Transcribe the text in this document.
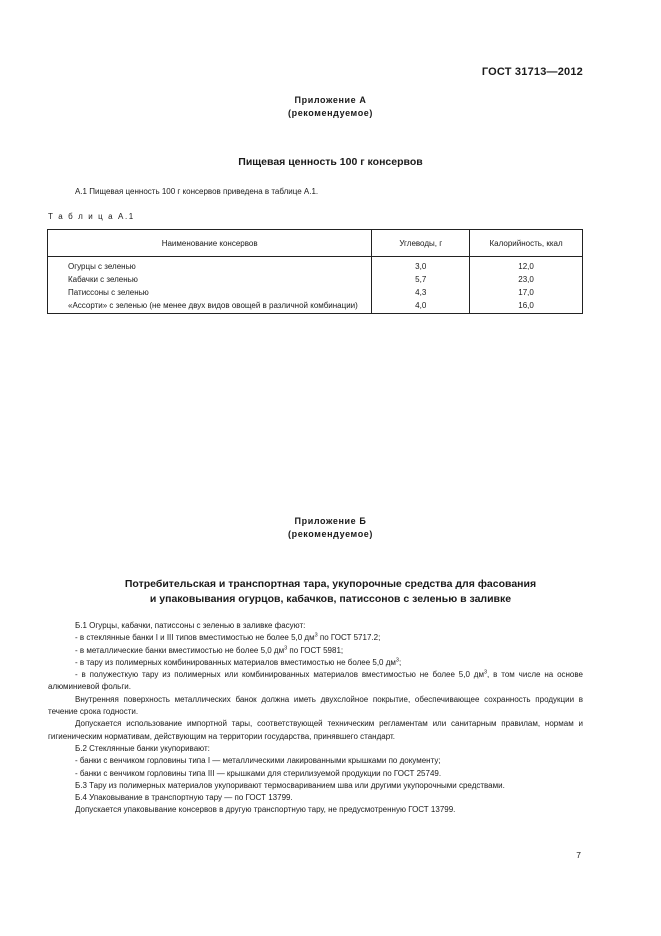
ГОСТ 31713—2012
Приложение А
(рекомендуемое)
Пищевая ценность 100 г консервов
А.1 Пищевая ценность 100 г консервов приведена в таблице А.1.
Т а б л и ц а А.1
Наименование консервов	Углеводы, г	Калорийность, ккал
Огурцы с зеленью	3,0	12,0
Кабачки с зеленью	5,7	23,0
Патиссоны с зеленью	4,3	17,0
«Ассорти» с зеленью (не менее двух видов овощей в различной комбинации)	4,0	16,0
Приложение Б
(рекомендуемое)
Потребительская и транспортная тара, укупорочные средства для фасования
и упаковывания огурцов, кабачков, патиссонов с зеленью в заливке
Б.1 Огурцы, кабачки, патиссоны с зеленью в заливке фасуют:
- в стеклянные банки I и III типов вместимостью не более 5,0 $дм^3$ по ГОСТ 5717.2;
- в металлические банки вместимостью не более 5,0 $дм^3$ по ГОСТ 5981;
- в тару из полимерных комбинированных материалов вместимостью не более 5,0 $дм^3$;
- в полужесткую тару из полимерных или комбинированных материалов вместимостью не более 5,0 $дм^3$, в том числе на основе алюминиевой фольги.
Внутренняя поверхность металлических банок должна иметь двухслойное покрытие, обеспечивающее сохранность продукции в течение срока годности.
Допускается использование импортной тары, соответствующей техническим регламентам или санитарным правилам, нормам и гигиеническим нормативам, действующим на территории государства, принявшего стандарт.
Б.2 Стеклянные банки укупоривают:
- банки с венчиком горловины типа I — металлическими лакированными крышками по документу;
- банки с венчиком горловины типа III — крышками для стерилизуемой продукции по ГОСТ 25749.
Б.3 Тару из полимерных материалов укупоривают термосвариванием шва или другими укупорочными средствами.
Б.4 Упаковывание в транспортную тару — по ГОСТ 13799.
Допускается упаковывание консервов в другую транспортную тару, не предусмотренную ГОСТ 13799.
7
